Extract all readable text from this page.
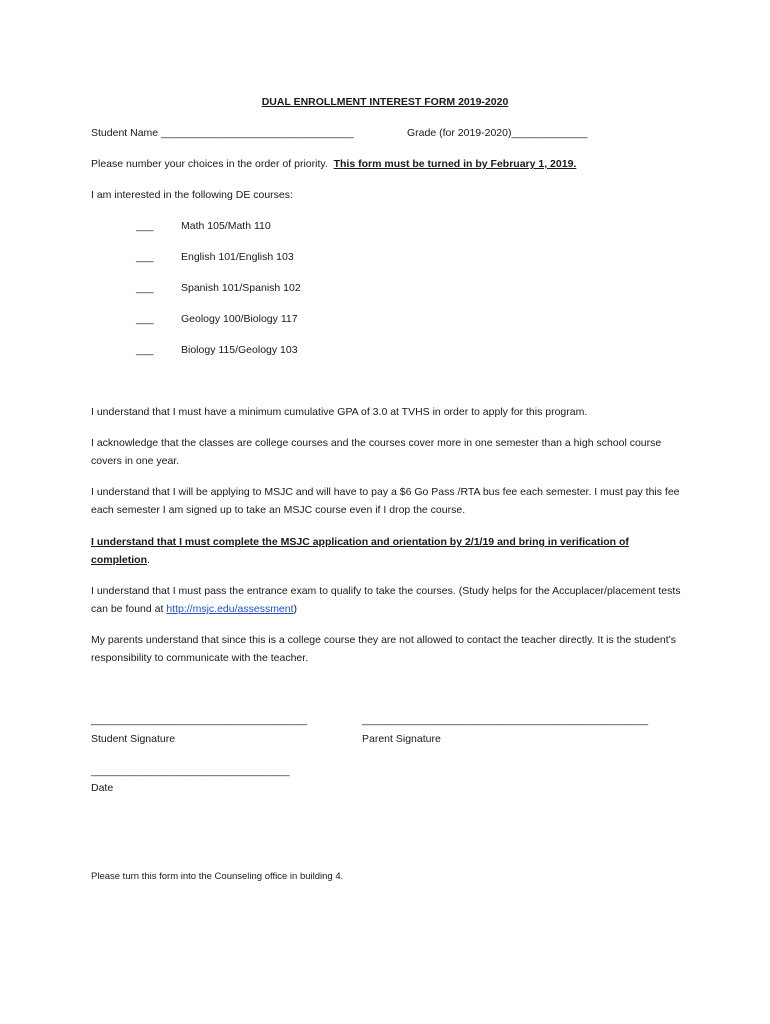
DUAL ENROLLMENT INTEREST FORM 2019-2020
Student Name _________________________________	Grade (for 2019-2020)_____________
Please number your choices in the order of priority. This form must be turned in by February 1, 2019.
I am interested in the following DE courses:
___	Math 105/Math 110
___	English 101/English 103
___	Spanish 101/Spanish 102
___	Geology 100/Biology 117
___	Biology 115/Geology 103
I understand that I must have a minimum cumulative GPA of 3.0 at TVHS in order to apply for this program.
I acknowledge that the classes are college courses and the courses cover more in one semester than a high school course covers in one year.
I understand that I will be applying to MSJC and will have to pay a $6 Go Pass /RTA bus fee each semester. I must pay this fee each semester I am signed up to take an MSJC course even if I drop the course.
I understand that I must complete the MSJC application and orientation by 2/1/19 and bring in verification of completion.
I understand that I must pass the entrance exam to qualify to take the courses. (Study helps for the Accuplacer/placement tests can be found at http://msjc.edu/assessment)
My parents understand that since this is a college course they are not allowed to contact the teacher directly. It is the student’s responsibility to communicate with the teacher.
_____________________________________
Student Signature
_________________________________________________
Parent Signature
__________________________________
Date
Please turn this form into the Counseling office in building 4.
